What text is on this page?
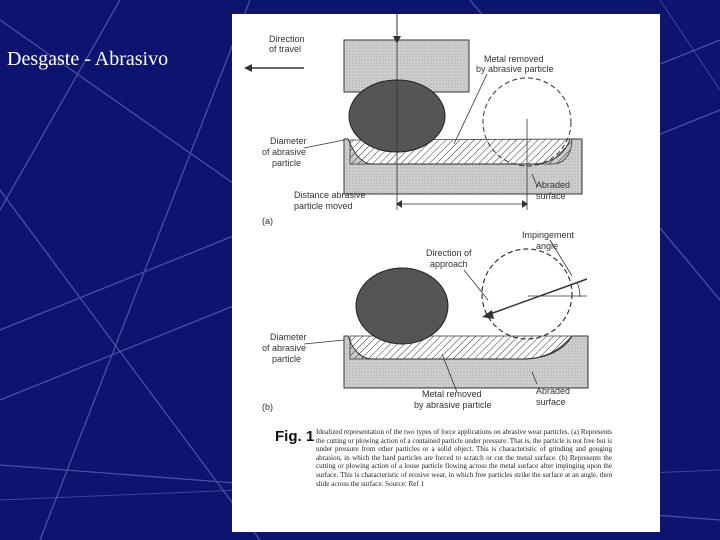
Desgaste - Abrasivo
Direction
of travel
Metal removed
by abrasive particle
Diameter
of abrasive
particle
Distance abrasive
particle moved
Abraded
surface
(a)
Direction of
approach
Impingement
angle
Diameter
of abrasive
particle
Metal removed
by abrasive particle
Abraded
surface
(b)
Fig. 1 Idealized representation of the two types of force applications on abrasive wear particles. (a) Represents the cutting or plowing action of a contained particle under pressure. That is, the particle is not free but is under pressure from other particles or a solid object. This is characteristic of grinding and gouging abrasion, in which the hard particles are forced to scratch or cut the metal surface. (b) Represents the cutting or plowing action of a loose particle flowing across the metal surface after impinging upon the surface. This is characteristic of erosive wear, in which free particles strike the surface at an angle, then slide across the surface. Source: Ref 1
